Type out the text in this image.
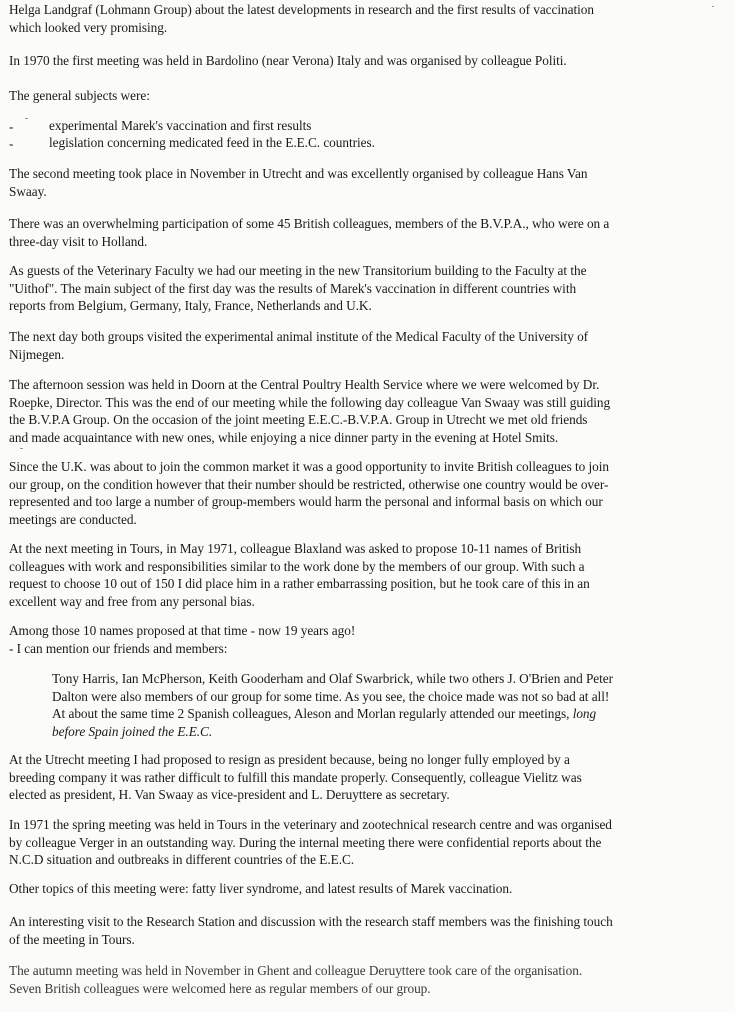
Helga Landgraf (Lohmann Group) about the latest developments in research and the first results of vaccination
which looked very promising.

In 1970 the first meeting was held in Bardolino (near Verona) Italy and was organised by colleague Politi.

The general subjects were:

-	experimental Marek's vaccination and first results

-	legislation concerning medicated feed in the E.E.C. countries.

The second meeting took place in November in Utrecht and was excellently organised by colleague Hans Van
Swaay.

There was an overwhelming participation of some 45 British colleagues, members of the B.V.P.A., who were on a
three-day visit to Holland.

As guests of the Veterinary Faculty we had our meeting in the new Transitorium building to the Faculty at the
"Uithof". The main subject of the first day was the results of Marek's vaccination in different countries with
reports from Belgium, Germany, Italy, France, Netherlands and U.K.

The next day both groups visited the experimental animal institute of the Medical Faculty of the University of
Nijmegen.

The afternoon session was held in Doorn at the Central Poultry Health Service where we were welcomed by Dr.
Roepke, Director. This was the end of our meeting while the following day colleague Van Swaay was still guiding
the B.V.P.A Group. On the occasion of the joint meeting E.E.C.-B.V.P.A. Group in Utrecht we met old friends
and made acquaintance with new ones, while enjoying a nice dinner party in the evening at Hotel Smits.

Since the U.K. was about to join the common market it was a good opportunity to invite British colleagues to join
our group, on the condition however that their number should be restricted, otherwise one country would be over-
represented and too large a number of group-members would harm the personal and informal basis on which our
meetings are conducted.

At the next meeting in Tours, in May 1971, colleague Blaxland was asked to propose 10-11 names of British
colleagues with work and responsibilities similar to the work done by the members of our group. With such a
request to choose 10 out of 150 I did place him in a rather embarrassing position, but he took care of this in an
excellent way and free from any personal bias.

Among those 10 names proposed at that time - now 19 years ago!
- I can mention our friends and members:

Tony Harris, Ian McPherson, Keith Gooderham and Olaf Swarbrick, while two others J. O'Brien and Peter
Dalton were also members of our group for some time. As you see, the choice made was not so bad at all!
At about the same time 2 Spanish colleagues, Aleson and Morlan regularly attended our meetings, long
before Spain joined the E.E.C.

At the Utrecht meeting I had proposed to resign as president because, being no longer fully employed by a
breeding company it was rather difficult to fulfill this mandate properly. Consequently, colleague Vielitz was
elected as president, H. Van Swaay as vice-president and L. Deruyttere as secretary.

In 1971 the spring meeting was held in Tours in the veterinary and zootechnical research centre and was organised
by colleague Verger in an outstanding way. During the internal meeting there were confidential reports about the
N.C.D situation and outbreaks in different countries of the E.E.C.

Other topics of this meeting were: fatty liver syndrome, and latest results of Marek vaccination.

An interesting visit to the Research Station and discussion with the research staff members was the finishing touch
of the meeting in Tours.

The autumn meeting was held in November in Ghent and colleague Deruyttere took care of the organisation.
Seven British colleagues were welcomed here as regular members of our group.
